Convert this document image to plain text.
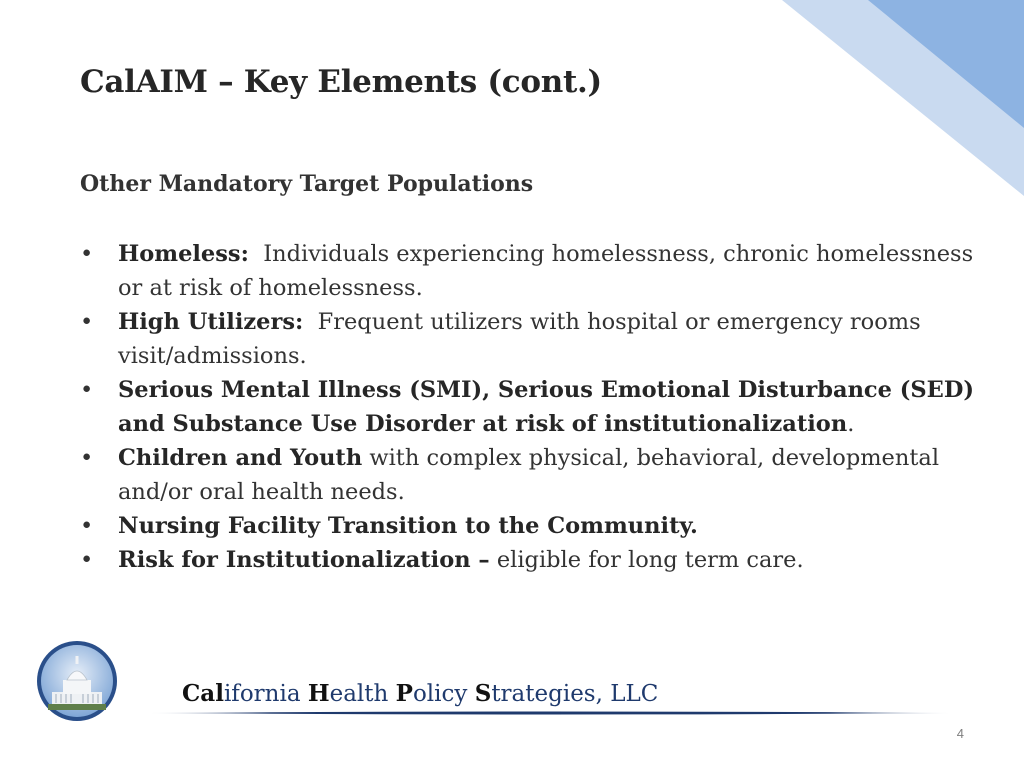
CalAIM – Key Elements (cont.)
Other Mandatory Target Populations
• Homeless:  Individuals experiencing homelessness, chronic homelessness or at risk of homelessness.
• High Utilizers:  Frequent utilizers with hospital or emergency rooms visit/admissions.
• Serious Mental Illness (SMI), Serious Emotional Disturbance (SED) and Substance Use Disorder at risk of institutionalization.
• Children and Youth with complex physical, behavioral, developmental and/or oral health needs.
• Nursing Facility Transition to the Community.
• Risk for Institutionalization – eligible for long term care.

California Health Policy Strategies, LLC

4
